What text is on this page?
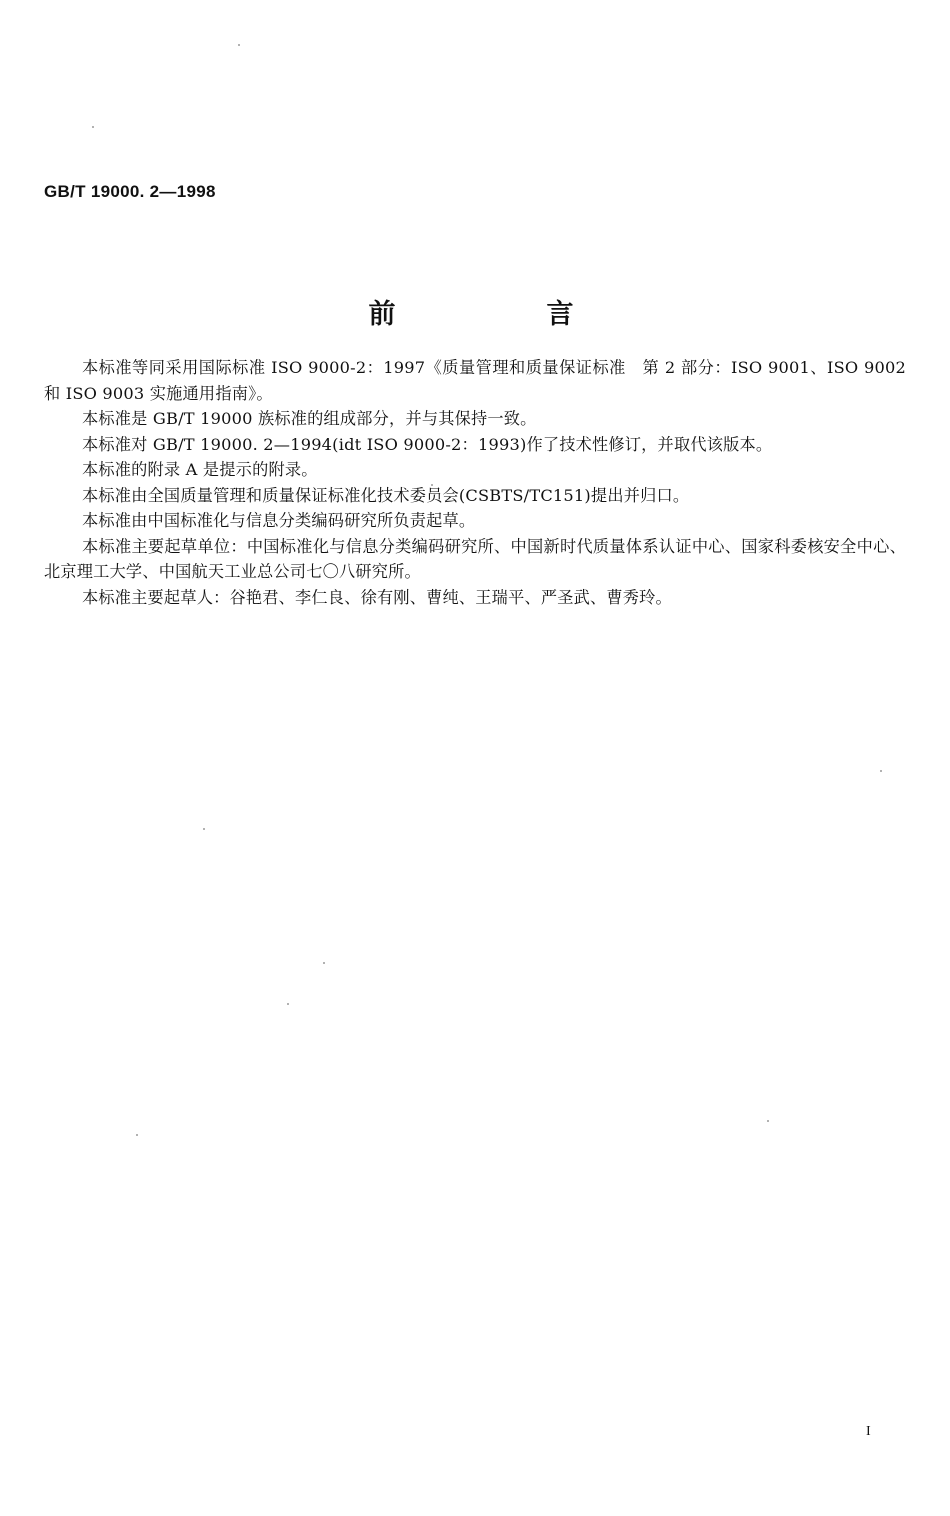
GB/T 19000. 2—1998
前　言

本标准等同采用国际标准 ISO 9000-2：1997《质量管理和质量保证标准　第 2 部分：ISO 9001、ISO 9002 和 ISO 9003 实施通用指南》。

本标准是 GB/T 19000 族标准的组成部分，并与其保持一致。

本标准对 GB/T 19000. 2—1994(idt ISO 9000-2：1993)作了技术性修订，并取代该版本。

本标准的附录 A 是提示的附录。

本标准由全国质量管理和质量保证标准化技术委员会(CSBTS/TC151)提出并归口。

本标准由中国标准化与信息分类编码研究所负责起草。

本标准主要起草单位：中国标准化与信息分类编码研究所、中国新时代质量体系认证中心、国家科委核安全中心、北京理工大学、中国航天工业总公司七〇八研究所。

本标准主要起草人：谷艳君、李仁良、徐有刚、曹纯、王瑞平、严圣武、曹秀玲。

I
